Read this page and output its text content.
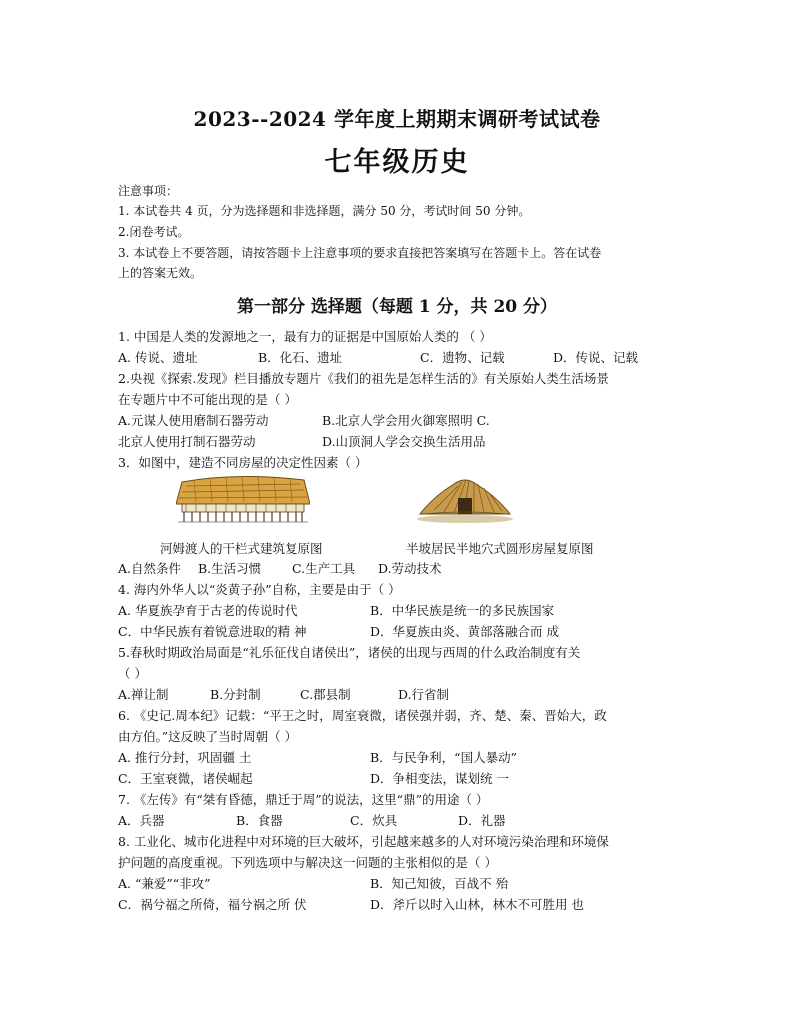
2023--2024 学年度上期期末调研考试试卷
七年级历史
注意事项：
1. 本试卷共 4 页，分为选择题和非选择题，满分 50 分，考试时间 50 分钟。
2.闭卷考试。
3. 本试卷上不要答题，请按答题卡上注意事项的要求直接把答案填写在答题卡上。答在试卷
上的答案无效。
第一部分 选择题（每题 1 分，共 20 分）
1. 中国是人类的发源地之一，最有力的证据是中国原始人类的 （ ）
A. 传说、遗址	B．化石、遗址	C．遗物、记载	D．传说、记载
2.央视《探索.发现》栏目播放专题片《我们的祖先是怎样生活的》有关原始人类生活场景
在专题片中不可能出现的是（ ）
A.元谋人使用磨制石器劳动	B.北京人学会用火御寒照明 C.
北京人使用打制石器劳动	D.山顶洞人学会交换生活用品
3．如图中，建造不同房屋的决定性因素（ ）
河姆渡人的干栏式建筑复原图	半坡居民半地穴式圆形房屋复原图
A.自然条件 B.生活习惯 C.生产工具 D.劳动技术
4. 海内外华人以“炎黄子孙”自称，主要是由于（ ）
A. 华夏族孕育于古老的传说时代	B．中华民族是统一的多民族国家
C．中华民族有着锐意进取的精 神	D．华夏族由炎、黄部落融合而 成
5.春秋时期政治局面是“礼乐征伐自诸侯出”，诸侯的出现与西周的什么政治制度有关
（ ）
A.禅让制	B.分封制	C.郡县制	D.行省制
6. 《史记.周本纪》记载：“平王之时，周室衰微，诸侯强并弱，齐、楚、秦、晋始大，政
由方伯。”这反映了当时周朝（ ）
A. 推行分封，巩固疆 土	B．与民争利，“国人暴动”
C．王室衰微，诸侯崛起	D．争相变法，谋划统 一
7. 《左传》有“桀有昏德，鼎迁于周”的说法，这里“鼎”的用途（ ）
A．兵器	B．食器	C．炊具	D．礼器
8. 工业化、城市化进程中对环境的巨大破坏，引起越来越多的人对环境污染治理和环境保
护问题的高度重视。下列选项中与解决这一问题的主张相似的是（ ）
A. “兼爱”“非攻”	B．知己知彼，百战不 殆
C．祸兮福之所倚，福兮祸之所 伏	D．斧斤以时入山林，林木不可胜用 也
